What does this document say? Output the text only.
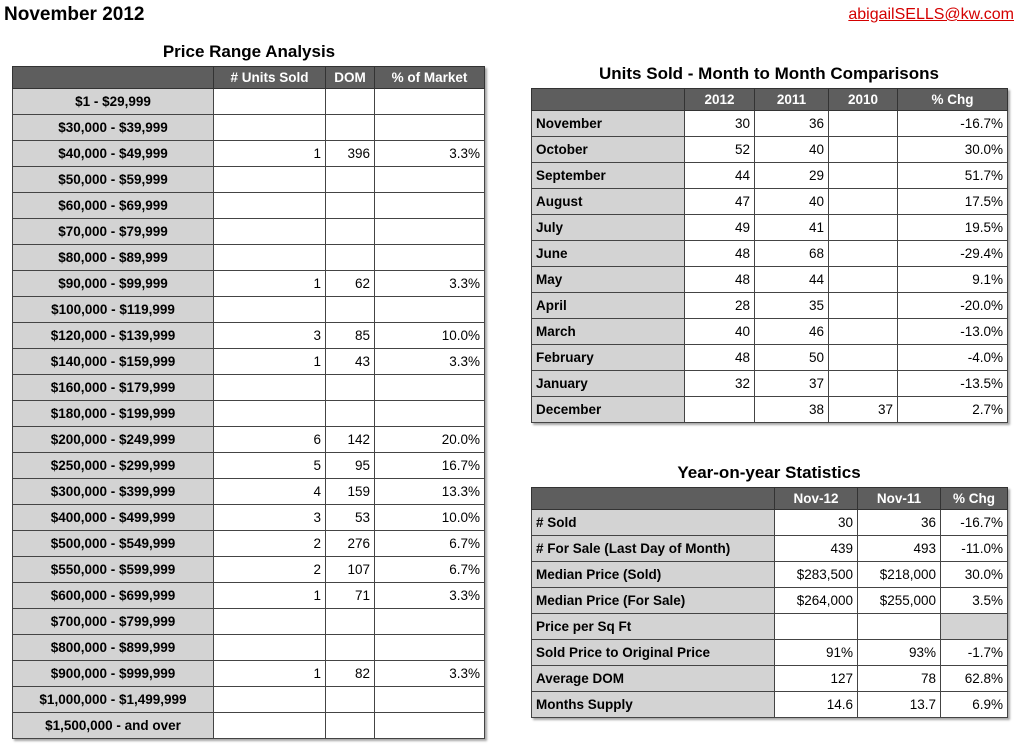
November 2012	abigailSELLS@kw.com
Price Range Analysis
	# Units Sold	DOM	% of Market
$1 - $29,999			
$30,000 - $39,999			
$40,000 - $49,999	1	396	3.3%
$50,000 - $59,999			
$60,000 - $69,999			
$70,000 - $79,999			
$80,000 - $89,999			
$90,000 - $99,999	1	62	3.3%
$100,000 - $119,999			
$120,000 - $139,999	3	85	10.0%
$140,000 - $159,999	1	43	3.3%
$160,000 - $179,999			
$180,000 - $199,999			
$200,000 - $249,999	6	142	20.0%
$250,000 - $299,999	5	95	16.7%
$300,000 - $399,999	4	159	13.3%
$400,000 - $499,999	3	53	10.0%
$500,000 - $549,999	2	276	6.7%
$550,000 - $599,999	2	107	6.7%
$600,000 - $699,999	1	71	3.3%
$700,000 - $799,999			
$800,000 - $899,999			
$900,000 - $999,999	1	82	3.3%
$1,000,000 - $1,499,999			
$1,500,000 - and over			
Units Sold - Month to Month Comparisons
	2012	2011	2010	% Chg
November	30	36		-16.7%
October	52	40		30.0%
September	44	29		51.7%
August	47	40		17.5%
July	49	41		19.5%
June	48	68		-29.4%
May	48	44		9.1%
April	28	35		-20.0%
March	40	46		-13.0%
February	48	50		-4.0%
January	32	37		-13.5%
December		38	37	2.7%
Year-on-year Statistics
	Nov-12	Nov-11	% Chg
# Sold	30	36	-16.7%
# For Sale (Last Day of Month)	439	493	-11.0%
Median Price (Sold)	$283,500	$218,000	30.0%
Median Price (For Sale)	$264,000	$255,000	3.5%
Price per Sq Ft			
Sold Price to Original Price	91%	93%	-1.7%
Average DOM	127	78	62.8%
Months Supply	14.6	13.7	6.9%
